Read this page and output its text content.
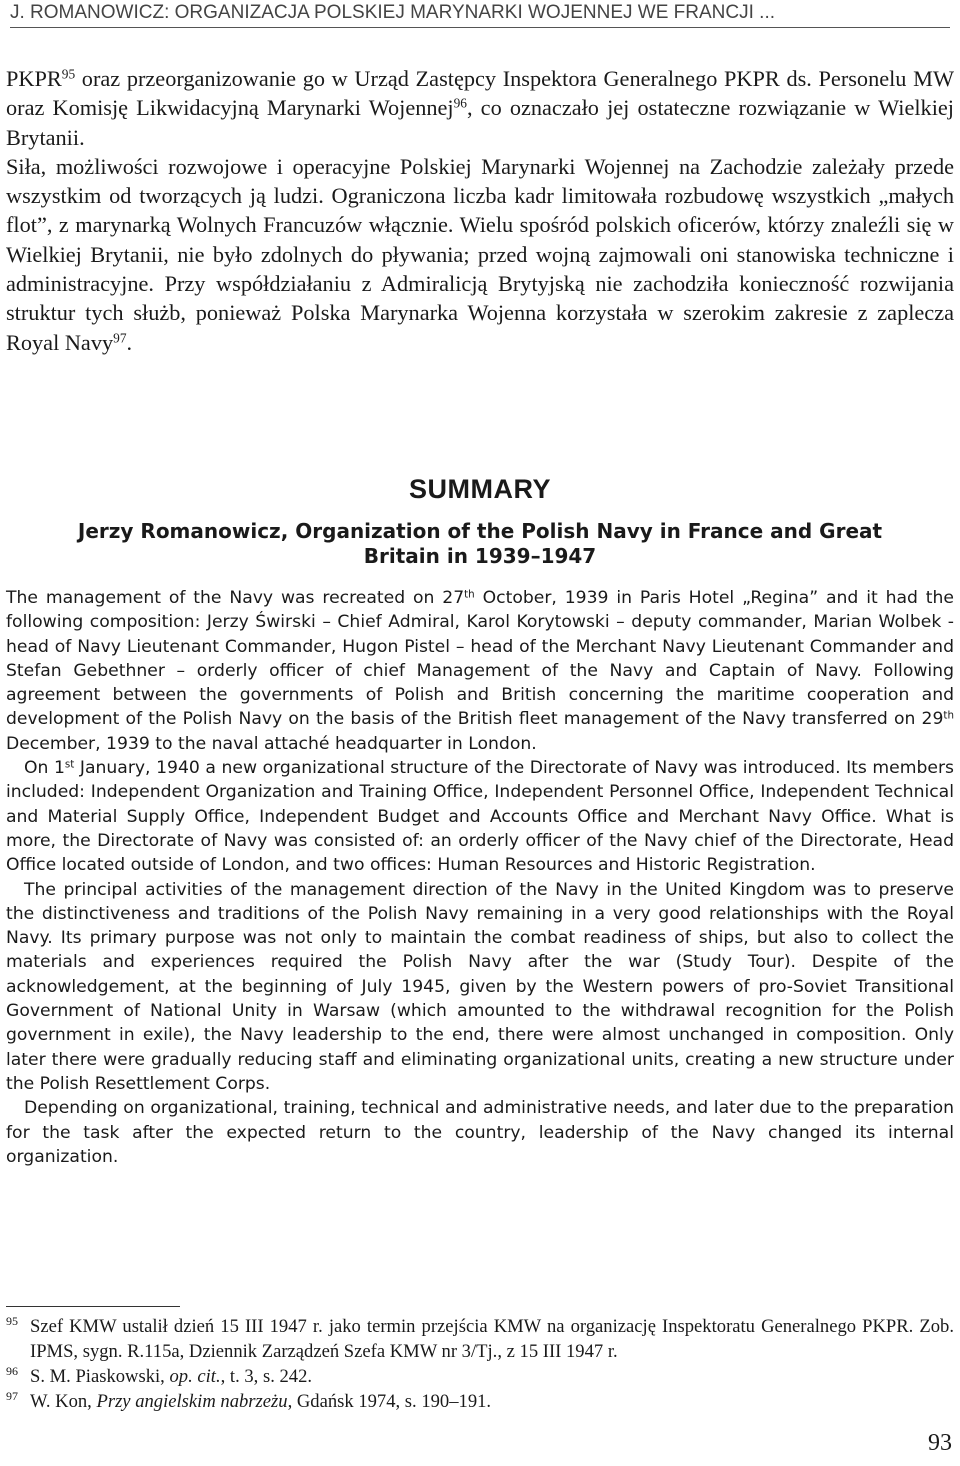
J. ROMANOWICZ: ORGANIZACJA POLSKIEJ MARYNARKI WOJENNEJ WE FRANCJI ...

PKPR$^{95}$ oraz przeorganizowanie go w Urząd Zastępcy Inspektora Generalnego PKPR ds. Personelu MW oraz Komisję Likwidacyjną Marynarki Wojennej$^{96}$, co oznaczało jej ostateczne rozwiązanie w Wielkiej Brytanii.

Siła, możliwości rozwojowe i operacyjne Polskiej Marynarki Wojennej na Zachodzie zależały przede wszystkim od tworzących ją ludzi. Ograniczona liczba kadr limitowała rozbudowę wszystkich „małych flot”, z marynarką Wolnych Francuzów włącznie. Wielu spośród polskich oficerów, którzy znaleźli się w Wielkiej Brytanii, nie było zdolnych do pływania; przed wojną zajmowali oni stanowiska techniczne i administracyjne. Przy współdziałaniu z Admiralicją Brytyjską nie zachodziła konieczność rozwijania struktur tych służb, ponieważ Polska Marynarka Wojenna korzystała w szerokim zakresie z zaplecza Royal Navy$^{97}$.

SUMMARY
Jerzy Romanowicz, Organization of the Polish Navy in France and Great Britain in 1939–1947

The management of the Navy was recreated on 27th October, 1939 in Paris Hotel „Regina” and it had the following composition: Jerzy Świrski – Chief Admiral, Karol Korytowski – deputy commander, Marian Wolbek - head of Navy Lieutenant Commander, Hugon Pistel – head of the Merchant Navy Lieutenant Commander and Stefan Gebethner – orderly officer of chief Management of the Navy and Captain of Navy. Following agreement between the governments of Polish and British concerning the maritime cooperation and development of the Polish Navy on the basis of the British fleet management of the Navy transferred on 29th December, 1939 to the naval attaché headquarter in London.

On 1st January, 1940 a new organizational structure of the Directorate of Navy was introduced. Its members included: Independent Organization and Training Office, Independent Personnel Office, Independent Technical and Material Supply Office, Independent Budget and Accounts Office and Merchant Navy Office. What is more, the Directorate of Navy was consisted of: an orderly officer of the Navy chief of the Directorate, Head Office located outside of London, and two offices: Human Resources and Historic Registration.

The principal activities of the management direction of the Navy in the United Kingdom was to preserve the distinctiveness and traditions of the Polish Navy remaining in a very good relationships with the Royal Navy. Its primary purpose was not only to maintain the combat readiness of ships, but also to collect the materials and experiences required the Polish Navy after the war (Study Tour). Despite of the acknowledgement, at the beginning of July 1945, given by the Western powers of pro-Soviet Transitional Government of National Unity in Warsaw (which amounted to the withdrawal recognition for the Polish government in exile), the Navy leadership to the end, there were almost unchanged in composition. Only later there were gradually reducing staff and eliminating organizational units, creating a new structure under the Polish Resettlement Corps.

Depending on organizational, training, technical and administrative needs, and later due to the preparation for the task after the expected return to the country, leadership of the Navy changed its internal organization.

95 Szef KMW ustalił dzień 15 III 1947 r. jako termin przejścia KMW na organizację Inspektoratu Generalnego PKPR. Zob. IPMS, sygn. R.115a, Dziennik Zarządzeń Szefa KMW nr 3/Tj., z 15 III 1947 r.
96 S. M. Piaskowski, op. cit., t. 3, s. 242.
97 W. Kon, Przy angielskim nabrzeżu, Gdańsk 1974, s. 190–191.
93
